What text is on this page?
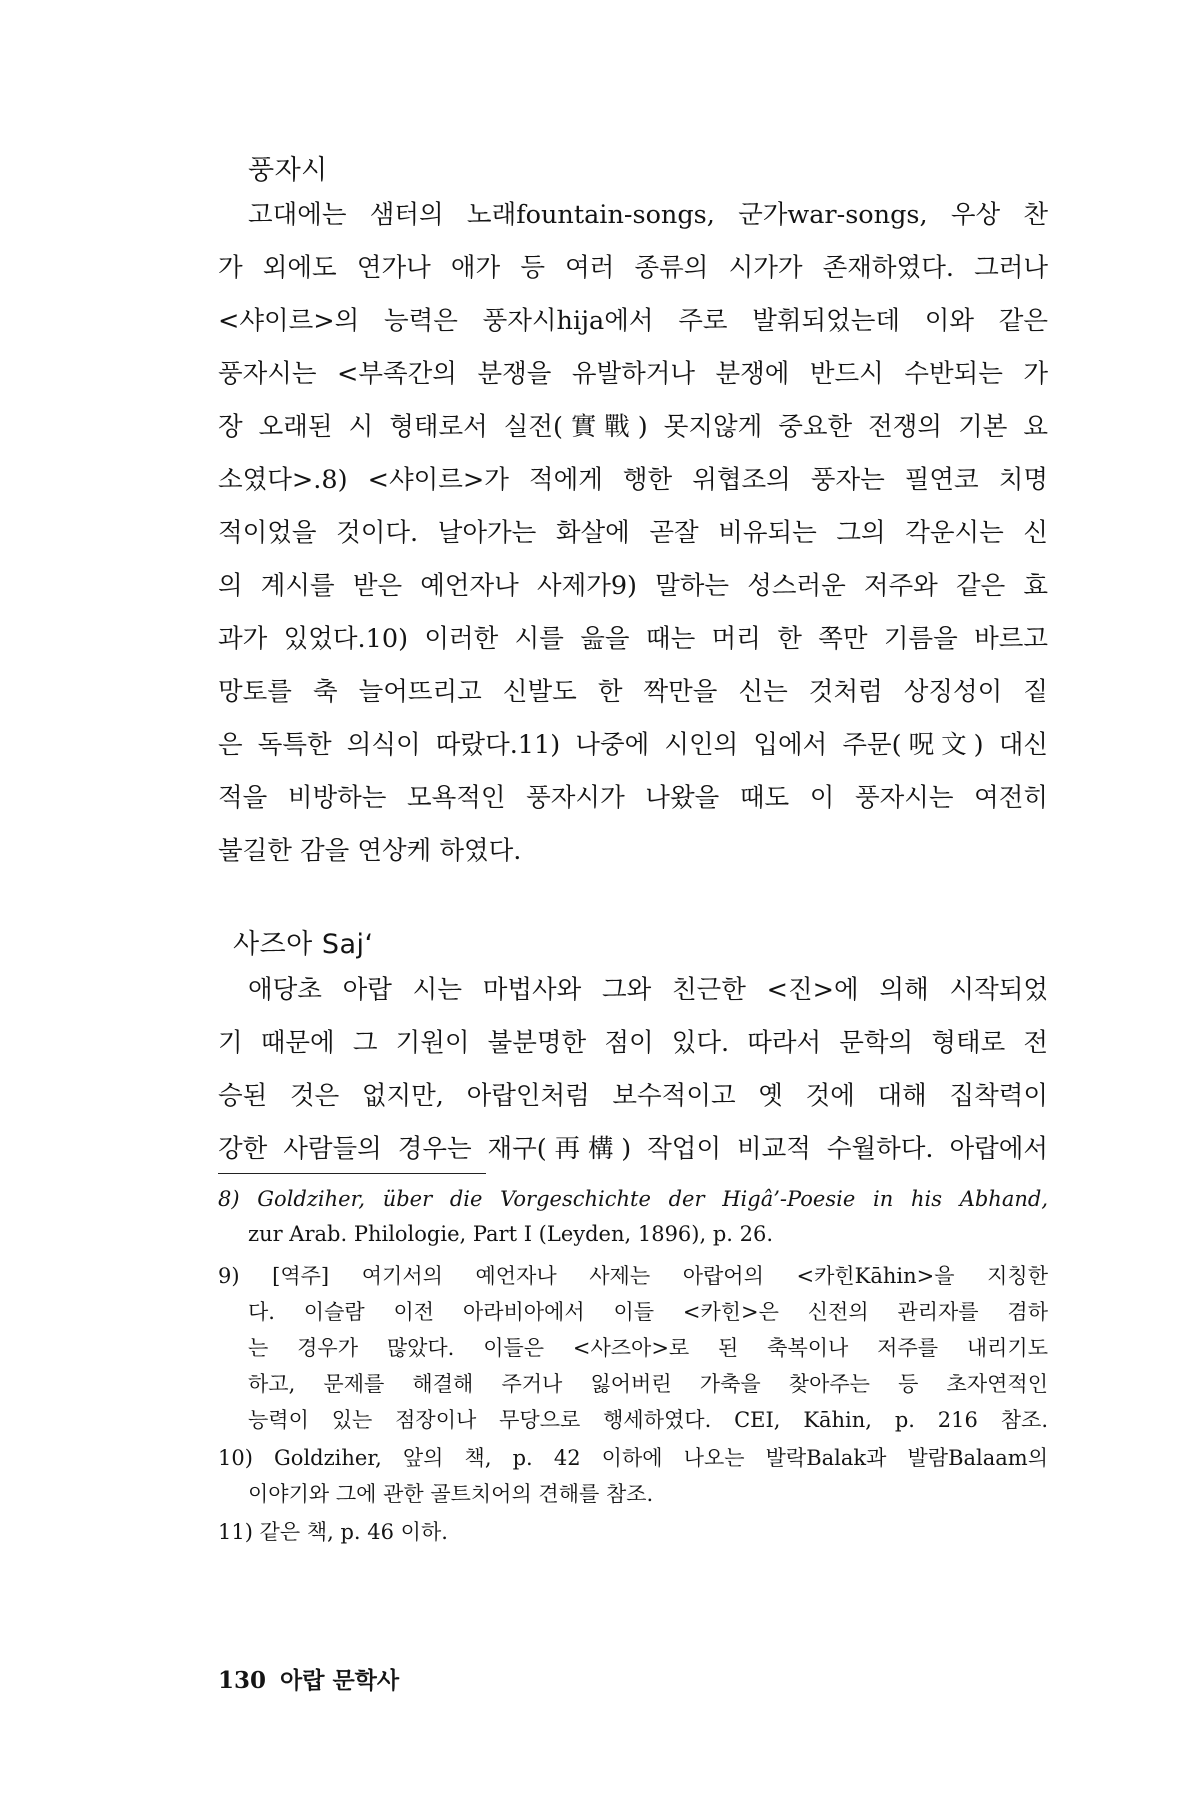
풍자시
고대에는 샘터의 노래fountain-songs, 군가war-songs, 우상 찬
가 외에도 연가나 애가 등 여러 종류의 시가가 존재하였다. 그러나
<샤이르>의 능력은 풍자시hija에서 주로 발휘되었는데 이와 같은
풍자시는 <부족간의 분쟁을 유발하거나 분쟁에 반드시 수반되는 가
장 오래된 시 형태로서 실전(實戰) 못지않게 중요한 전쟁의 기본 요
소였다>.8) <샤이르>가 적에게 행한 위협조의 풍자는 필연코 치명
적이었을 것이다. 날아가는 화살에 곧잘 비유되는 그의 각운시는 신
의 계시를 받은 예언자나 사제가9) 말하는 성스러운 저주와 같은 효
과가 있었다.10) 이러한 시를 읊을 때는 머리 한 쪽만 기름을 바르고
망토를 축 늘어뜨리고 신발도 한 짝만을 신는 것처럼 상징성이 짙
은 독특한 의식이 따랐다.11) 나중에 시인의 입에서 주문(呪文) 대신
적을 비방하는 모욕적인 풍자시가 나왔을 때도 이 풍자시는 여전히
불길한 감을 연상케 하였다.
사즈아 Saj‘
애당초 아랍 시는 마법사와 그와 친근한 <진>에 의해 시작되었
기 때문에 그 기원이 불분명한 점이 있다. 따라서 문학의 형태로 전
승된 것은 없지만, 아랍인처럼 보수적이고 옛 것에 대해 집착력이
강한 사람들의 경우는 재구(再構) 작업이 비교적 수월하다. 아랍에서
8) Goldziher, über die Vorgeschichte der Higâ’-Poesie in his Abhand,
zur Arab. Philologie, Part I (Leyden, 1896), p. 26.
9) [역주] 여기서의 예언자나 사제는 아랍어의 <카힌Kāhin>을 지칭한
다. 이슬람 이전 아라비아에서 이들 <카힌>은 신전의 관리자를 겸하
는 경우가 많았다. 이들은 <사즈아>로 된 축복이나 저주를 내리기도
하고, 문제를 해결해 주거나 잃어버린 가축을 찾아주는 등 초자연적인
능력이 있는 점장이나 무당으로 행세하였다. CEI, Kāhin, p. 216 참조.
10) Goldziher, 앞의 책, p. 42 이하에 나오는 발락Balak과 발람Balaam의
이야기와 그에 관한 골트치어의 견해를 참조.
11) 같은 책, p. 46 이하.
130 아랍 문학사
